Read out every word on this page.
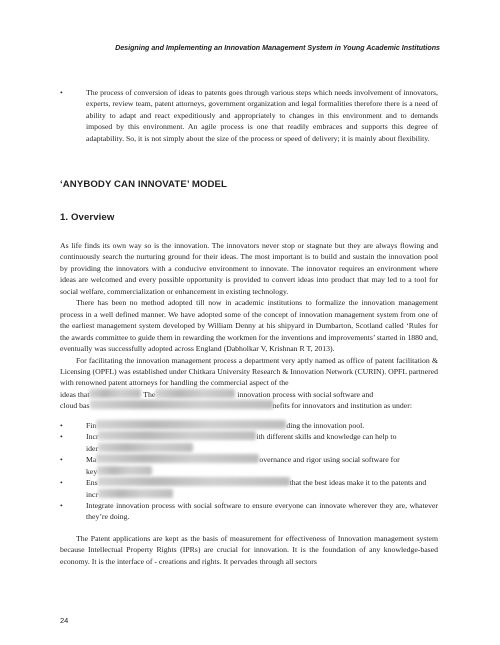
Designing and Implementing an Innovation Management System in Young Academic Institutions
•	The process of conversion of ideas to patents goes through various steps which needs involvement of innovators, experts, review team, patent attorneys, government organization and legal formalities therefore there is a need of ability to adapt and react expeditiously and appropriately to changes in this environment and to demands imposed by this environment. An agile process is one that readily embraces and supports this degree of adaptability. So, it is not simply about the size of the process or speed of delivery; it is mainly about flexibility.
‘ANYBODY CAN INNOVATE’ MODEL
1. Overview

As life finds its own way so is the innovation. The innovators never stop or stagnate but they are always flowing and continuously search the nurturing ground for their ideas. The most important is to build and sustain the innovation pool by providing the innovators with a conducive environment to innovate. The innovator requires an environment where ideas are welcomed and every possible opportunity is provided to convert ideas into product that may led to a tool for social welfare, commercialization or enhancement in existing technology.

There has been no method adopted till now in academic institutions to formalize the innovation management process in a well defined manner. We have adopted some of the concept of innovation management system from one of the earliest management system developed by William Denny at his shipyard in Dumbarton, Scotland called ‘Rules for the awards committee to guide them in rewarding the workmen for the inventions and improvements’ started in 1880 and, eventually was successfully adopted across England (Dabholkar V, Krishnan R T, 2013).

For facilitating the innovation management process a department very aptly named as office of patent facilitation & Licensing (OPFL) was established under Chitkara University Research & Innovation Network (CURIN). OPFL partnered with renowned patent attorneys for handling the commercial aspect of the

ideas that	The	innovation process with social software and

cloud bas	nefits for innovators and institution as under:

•	Fin	ding the innovation pool.
•	Incr	ith different skills and knowledge can help to
ider
•	Ma	overnance and rigor using social software for
key
•	Ens	that the best ideas make it to the patents and
incr
•	Integrate innovation process with social software to ensure everyone can innovate wherever they are, whatever they’re doing.

The Patent applications are kept as the basis of measurement for effectiveness of Innovation management system because Intellectual Property Rights (IPRs) are crucial for innovation. It is the foundation of any knowledge-based economy. It is the interface of - creations and rights. It pervades through all sectors

24
